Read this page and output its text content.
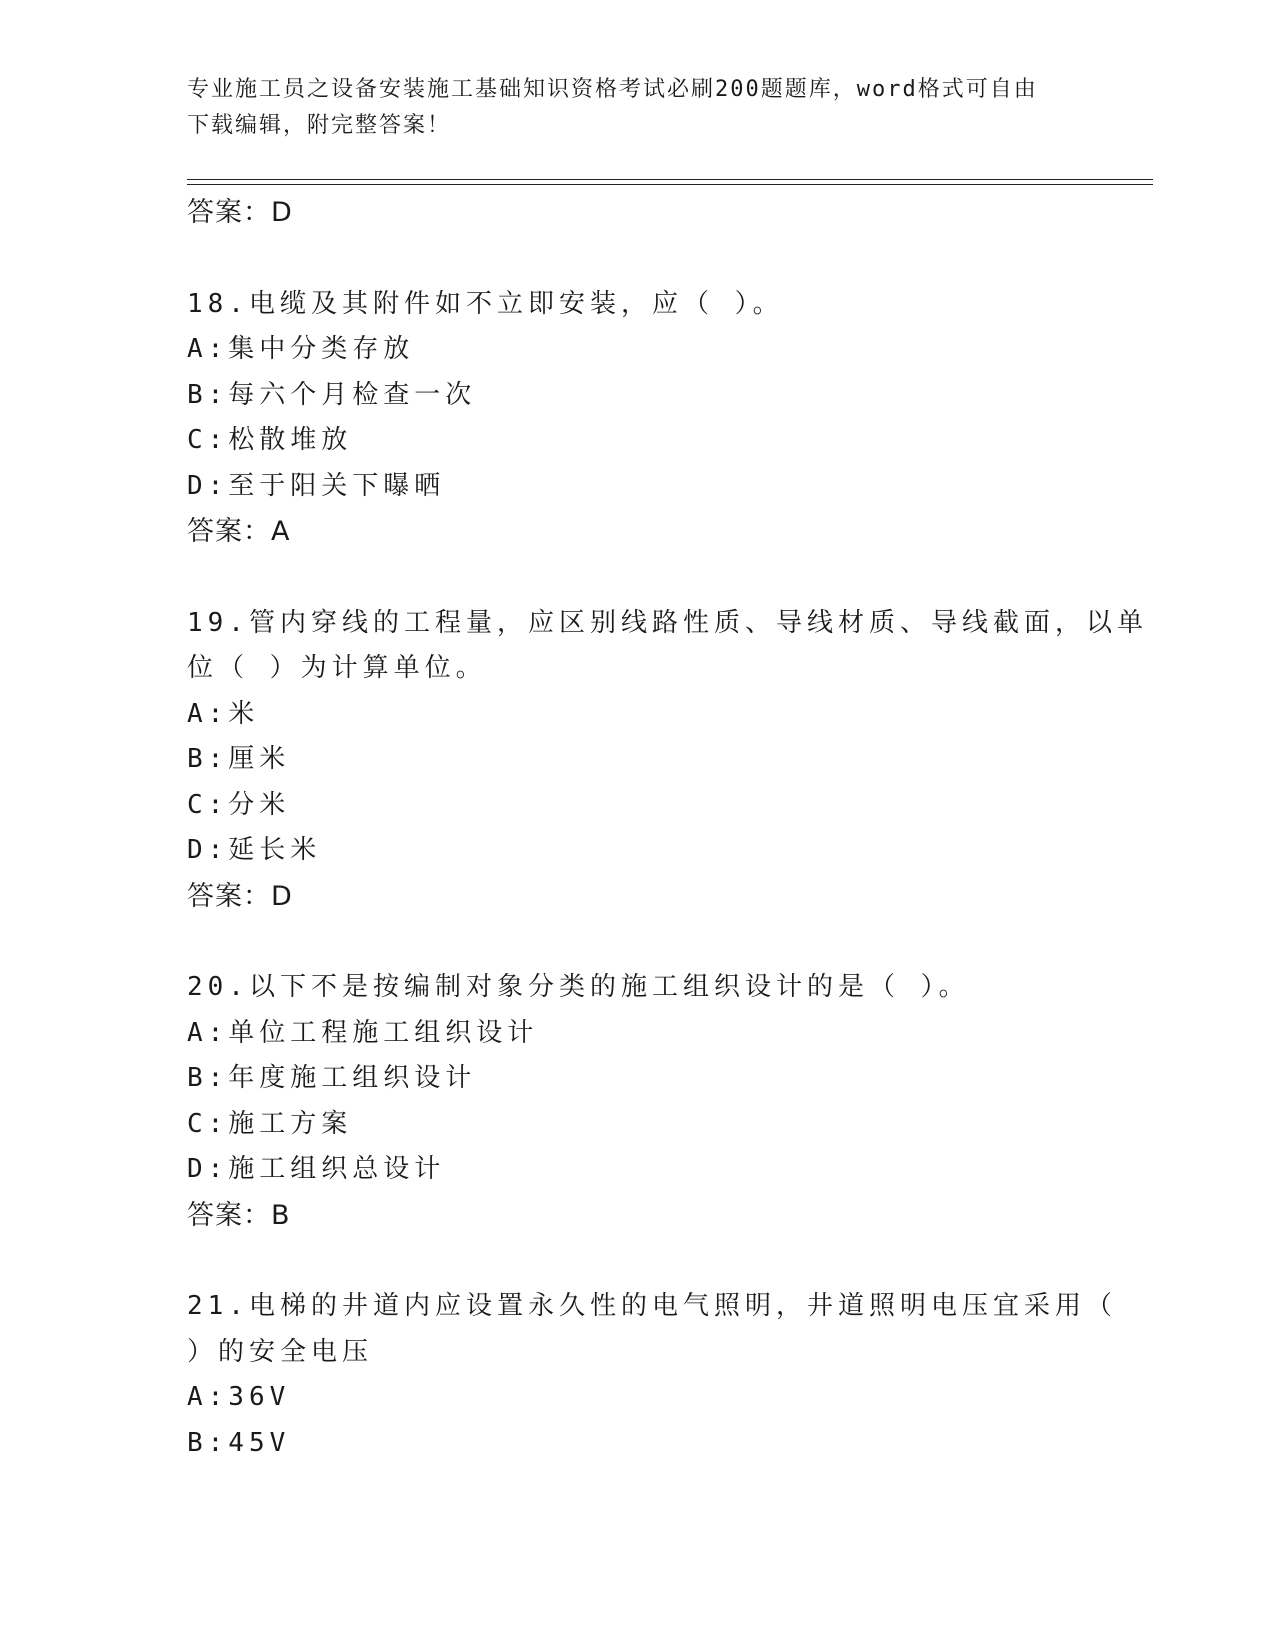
专业施工员之设备安装施工基础知识资格考试必刷200题题库，word格式可自由
下载编辑，附完整答案！
答案：D
18.电缆及其附件如不立即安装，应（ ）。
A:集中分类存放
B:每六个月检查一次
C:松散堆放
D:至于阳关下曝晒
答案：A
19.管内穿线的工程量，应区别线路性质、导线材质、导线截面，以单
位（ ）为计算单位。
A:米
B:厘米
C:分米
D:延长米
答案：D
20.以下不是按编制对象分类的施工组织设计的是（ ）。
A:单位工程施工组织设计
B:年度施工组织设计
C:施工方案
D:施工组织总设计
答案：B
21.电梯的井道内应设置永久性的电气照明，井道照明电压宜采用（
）的安全电压
A:36V
B:45V
